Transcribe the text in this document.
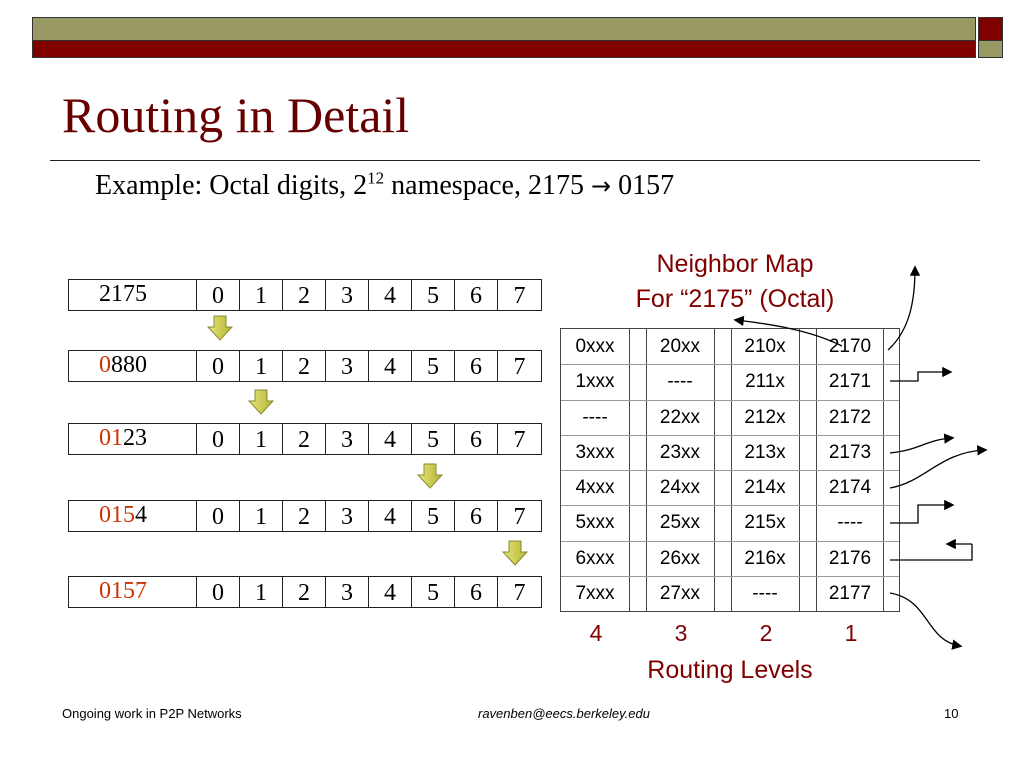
Routing in Detail
Example: Octal digits, $2^{12}$ namespace, 2175 → 0157
2175	0	1	2	3	4	5	6	7
0880	0	1	2	3	4	5	6	7
0123	0	1	2	3	4	5	6	7
0154	0	1	2	3	4	5	6	7
0157	0	1	2	3	4	5	6	7
Neighbor Map
For “2175” (Octal)
0xxx	20xx	210x	2170
1xxx	----	211x	2171
----	22xx	212x	2172
3xxx	23xx	213x	2173
4xxx	24xx	214x	2174
5xxx	25xx	215x	----
6xxx	26xx	216x	2176
7xxx	27xx	----	2177
4	3	2	1
Routing Levels
Ongoing work in P2P Networks	ravenben@eecs.berkeley.edu	10
